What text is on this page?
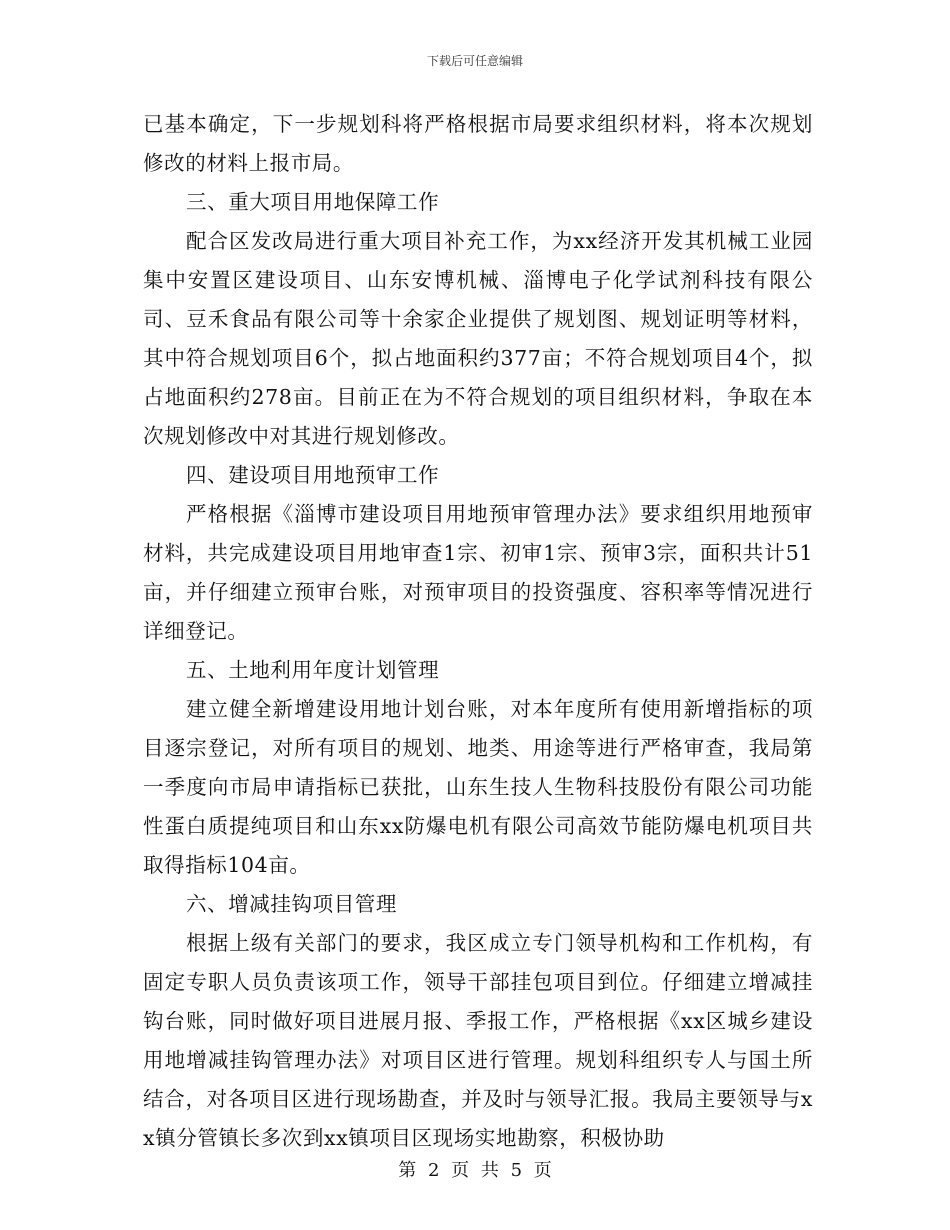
下载后可任意编辑

已基本确定，下一步规划科将严格根据市局要求组织材料，将本次规划修改的材料上报市局。

三、重大项目用地保障工作

配合区发改局进行重大项目补充工作，为xx经济开发其机械工业园集中安置区建设项目、山东安博机械、淄博电子化学试剂科技有限公司、豆禾食品有限公司等十余家企业提供了规划图、规划证明等材料，其中符合规划项目6个，拟占地面积约377亩；不符合规划项目4个，拟占地面积约278亩。目前正在为不符合规划的项目组织材料，争取在本次规划修改中对其进行规划修改。

四、建设项目用地预审工作

严格根据《淄博市建设项目用地预审管理办法》要求组织用地预审材料，共完成建设项目用地审查1宗、初审1宗、预审3宗，面积共计51亩，并仔细建立预审台账，对预审项目的投资强度、容积率等情况进行详细登记。

五、土地利用年度计划管理

建立健全新增建设用地计划台账，对本年度所有使用新增指标的项目逐宗登记，对所有项目的规划、地类、用途等进行严格审查，我局第一季度向市局申请指标已获批，山东生技人生物科技股份有限公司功能性蛋白质提纯项目和山东xx防爆电机有限公司高效节能防爆电机项目共取得指标104亩。

六、增减挂钩项目管理

根据上级有关部门的要求，我区成立专门领导机构和工作机构，有固定专职人员负责该项工作，领导干部挂包项目到位。仔细建立增减挂钩台账，同时做好项目进展月报、季报工作，严格根据《xx区城乡建设用地增减挂钩管理办法》对项目区进行管理。规划科组织专人与国土所结合，对各项目区进行现场勘查，并及时与领导汇报。我局主要领导与xx镇分管镇长多次到xx镇项目区现场实地勘察，积极协助

第 2 页 共 5 页
